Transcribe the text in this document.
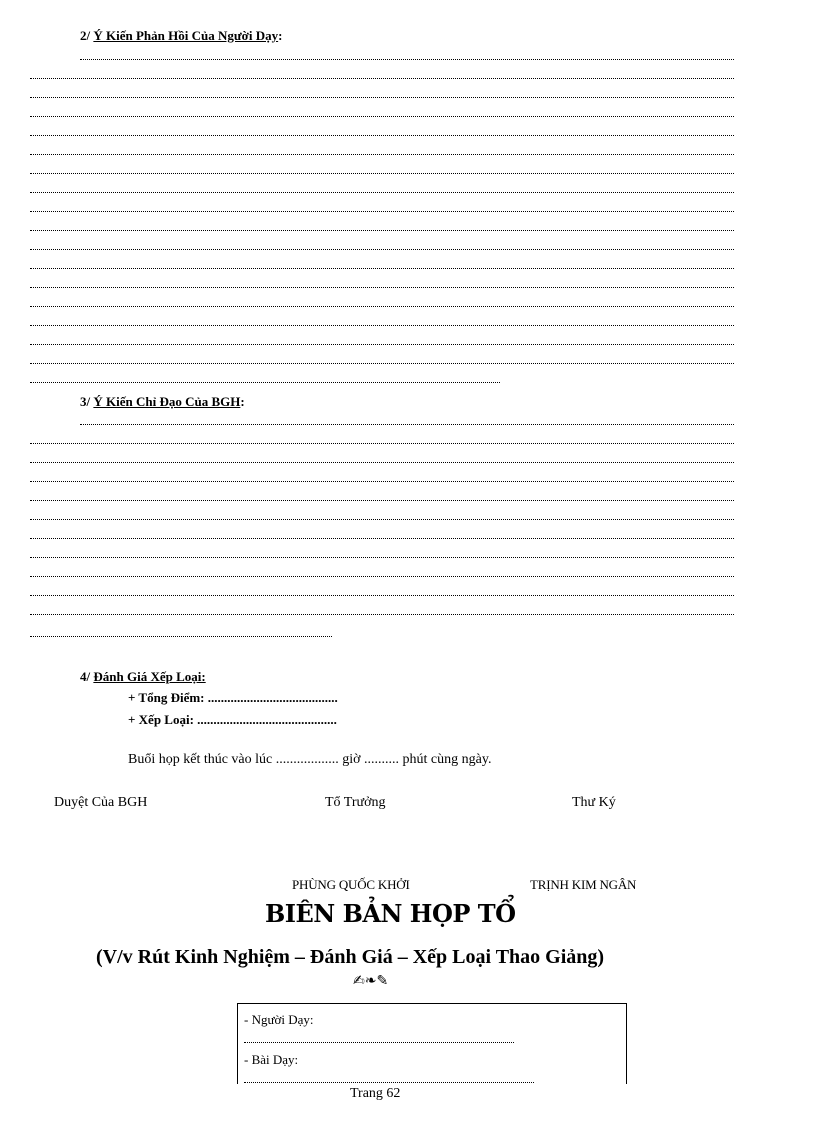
2/ Ý Kiến Phản Hồi Của Người Dạy:
3/ Ý Kiến Chỉ Đạo Của BGH:
4/ Đánh Giá Xếp Loại:
+ Tổng Điểm: ........................................
+ Xếp Loại: ...........................................
Buổi họp kết thúc vào lúc .................. giờ .......... phút cùng ngày.
Duyệt Của BGH	Tổ Trưởng	Thư Ký
PHÙNG QUỐC KHỞI	TRỊNH KIM NGÂN
BIÊN BẢN HỌP TỔ
(V/v Rút Kinh Nghiệm – Đánh Giá – Xếp Loại Thao Giảng)
✍❧✎
- Người Dạy:
- Bài Dạy:
Trang 62
